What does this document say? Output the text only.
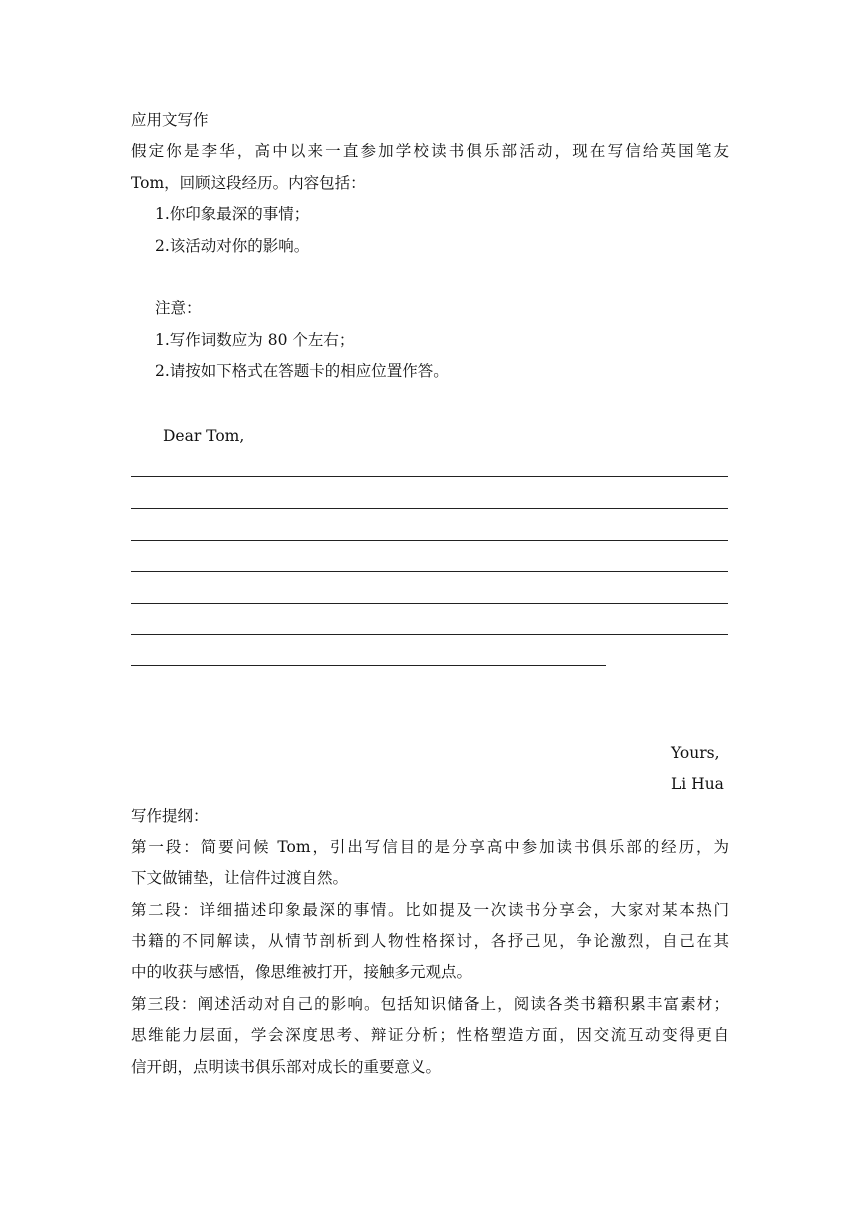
应用文写作
假定你是李华，高中以来一直参加学校读书俱乐部活动，现在写信给英国笔友
Tom，回顾这段经历。内容包括：
1.你印象最深的事情；
2.该活动对你的影响。
注意：
1.写作词数应为 80 个左右；
2.请按如下格式在答题卡的相应位置作答。
Dear Tom,
Yours,
Li Hua
写作提纲：
第一段：简要问候 Tom，引出写信目的是分享高中参加读书俱乐部的经历，为
下文做铺垫，让信件过渡自然。
第二段：详细描述印象最深的事情。比如提及一次读书分享会，大家对某本热门
书籍的不同解读，从情节剖析到人物性格探讨，各抒己见，争论激烈，自己在其
中的收获与感悟，像思维被打开，接触多元观点。
第三段：阐述活动对自己的影响。包括知识储备上，阅读各类书籍积累丰富素材；
思维能力层面，学会深度思考、辩证分析；性格塑造方面，因交流互动变得更自
信开朗，点明读书俱乐部对成长的重要意义。
